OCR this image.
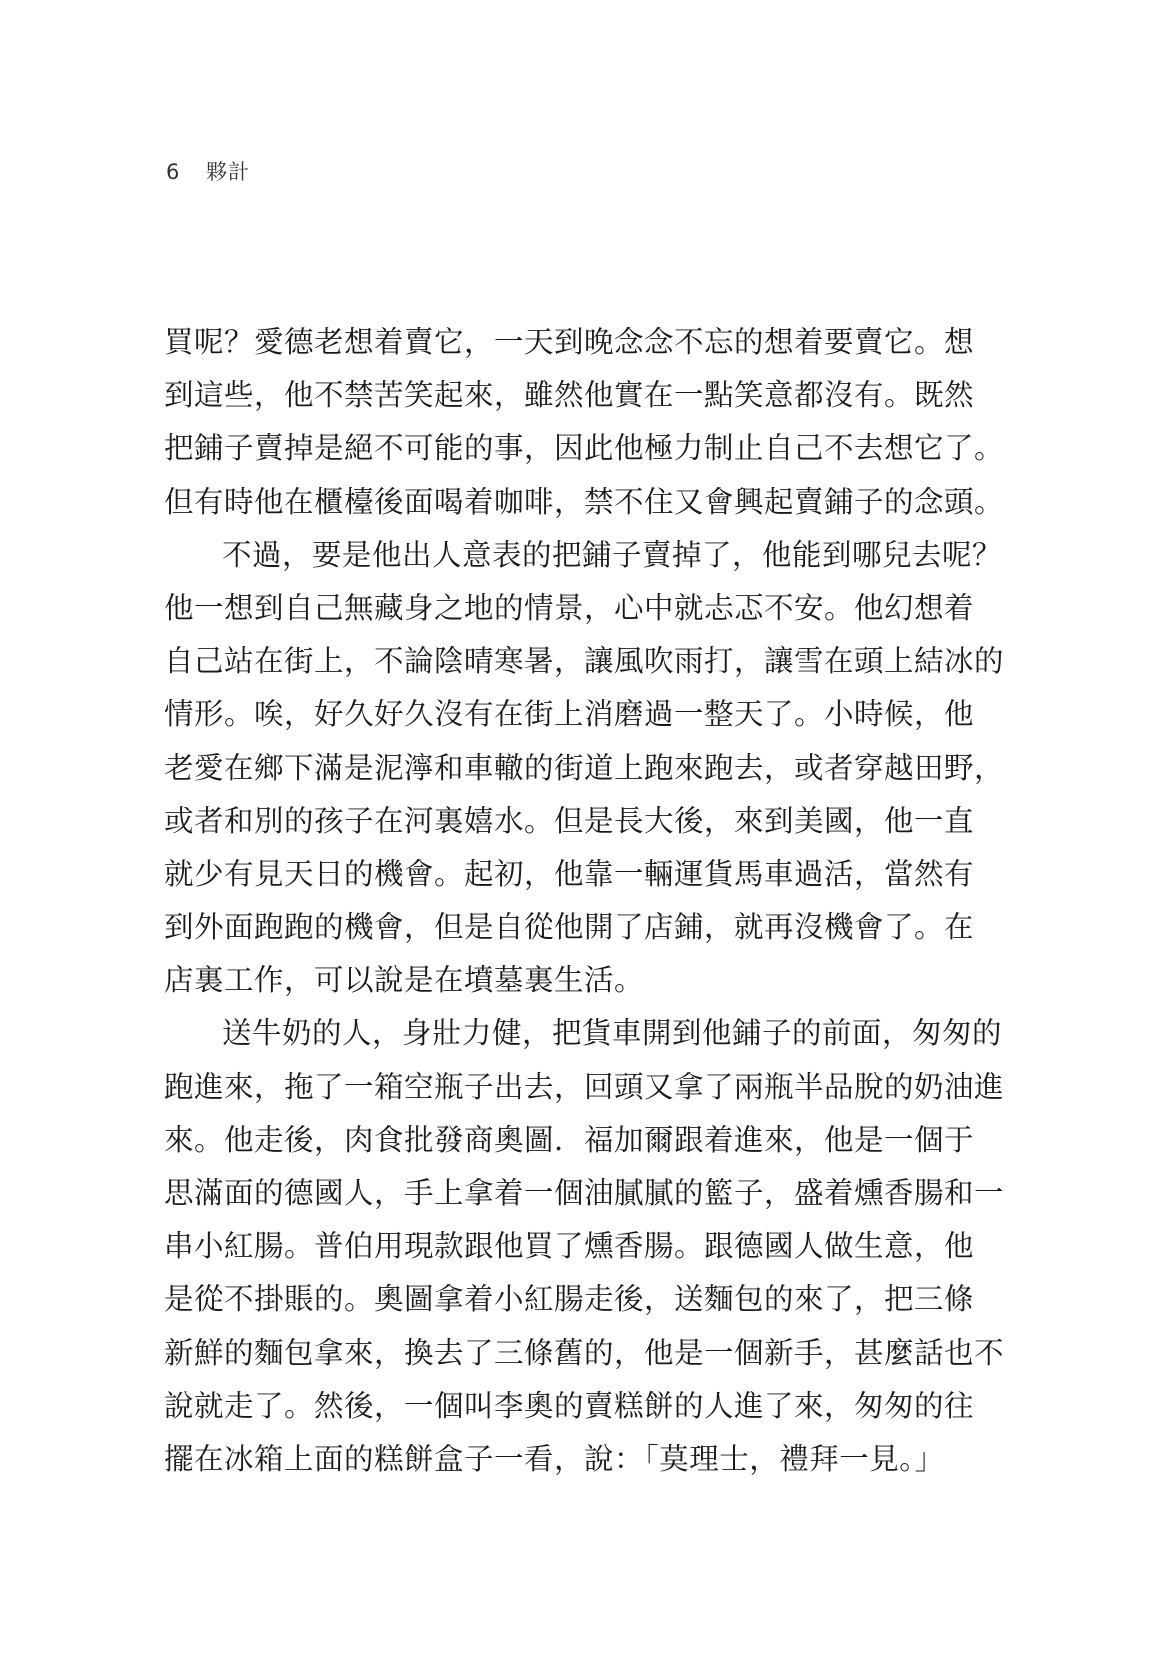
6 夥計

買呢？愛德老想着賣它，一天到晚念念不忘的想着要賣它。想
到這些，他不禁苦笑起來，雖然他實在一點笑意都沒有。既然
把鋪子賣掉是絕不可能的事，因此他極力制止自己不去想它了。
但有時他在櫃檯後面喝着咖啡，禁不住又會興起賣鋪子的念頭。

不過，要是他出人意表的把鋪子賣掉了，他能到哪兒去呢？
他一想到自己無藏身之地的情景，心中就忐忑不安。他幻想着
自己站在街上，不論陰晴寒暑，讓風吹雨打，讓雪在頭上結冰的
情形。唉，好久好久沒有在街上消磨過一整天了。小時候，他
老愛在鄉下滿是泥濘和車轍的街道上跑來跑去，或者穿越田野，
或者和別的孩子在河裏嬉水。但是長大後，來到美國，他一直
就少有見天日的機會。起初，他靠一輛運貨馬車過活，當然有
到外面跑跑的機會，但是自從他開了店鋪，就再沒機會了。在
店裏工作，可以說是在墳墓裏生活。

送牛奶的人，身壯力健，把貨車開到他鋪子的前面，匆匆的
跑進來，拖了一箱空瓶子出去，回頭又拿了兩瓶半品脫的奶油進
來。他走後，肉食批發商奧圖．福加爾跟着進來，他是一個于
思滿面的德國人，手上拿着一個油膩膩的籃子，盛着燻香腸和一
串小紅腸。普伯用現款跟他買了燻香腸。跟德國人做生意，他
是從不掛賬的。奧圖拿着小紅腸走後，送麵包的來了，把三條
新鮮的麵包拿來，換去了三條舊的，他是一個新手，甚麼話也不
說就走了。然後，一個叫李奧的賣糕餅的人進了來，匆匆的往
擺在冰箱上面的糕餅盒子一看，說：「莫理士，禮拜一見。」
